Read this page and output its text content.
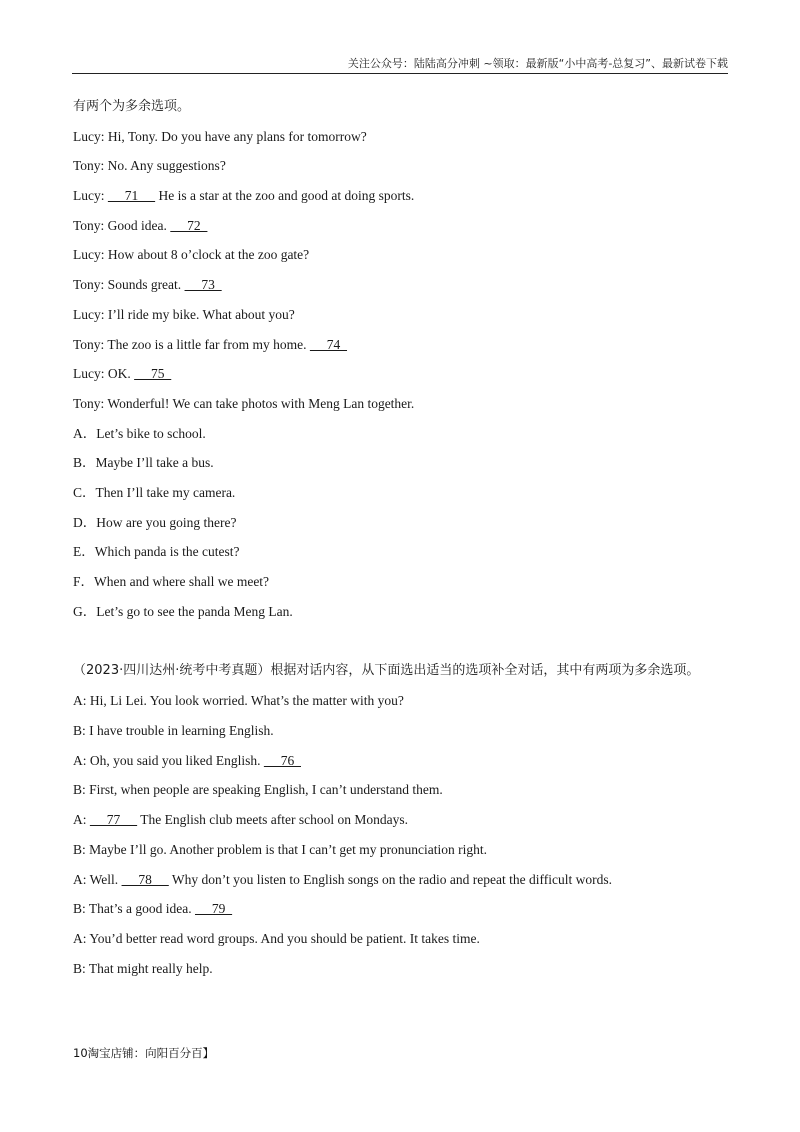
关注公众号：陆陆高分冲刺 ~领取：最新版“小中高考-总复习”、最新试卷下载
有两个为多余选项。
Lucy: Hi, Tony. Do you have any plans for tomorrow?
Tony: No. Any suggestions?
Lucy:      71      He is a star at the zoo and good at doing sports.
Tony: Good idea.      72
Lucy: How about 8 o’clock at the zoo gate?
Tony: Sounds great.      73
Lucy: I’ll ride my bike. What about you?
Tony: The zoo is a little far from my home.      74
Lucy: OK.      75
Tony: Wonderful! We can take photos with Meng Lan together.
A．Let’s bike to school.
B．Maybe I’ll take a bus.
C．Then I’ll take my camera.
D．How are you going there?
E．Which panda is the cutest?
F．When and where shall we meet?
G．Let’s go to see the panda Meng Lan.
（2023·四川达州·统考中考真题）根据对话内容，从下面选出适当的选项补全对话，其中有两项为多余选项。
A: Hi, Li Lei. You look worried. What’s the matter with you?
B: I have trouble in learning English.
A: Oh, you said you liked English.      76
B: First, when people are speaking English, I can’t understand them.
A:      77      The English club meets after school on Mondays.
B: Maybe I’ll go. Another problem is that I can’t get my pronunciation right.
A: Well.      78      Why don’t you listen to English songs on the radio and repeat the difficult words.
B: That’s a good idea.      79
A: You’d better read word groups. And you should be patient. It takes time.
B: That might really help.
10淘宝店铺：向阳百分百】
